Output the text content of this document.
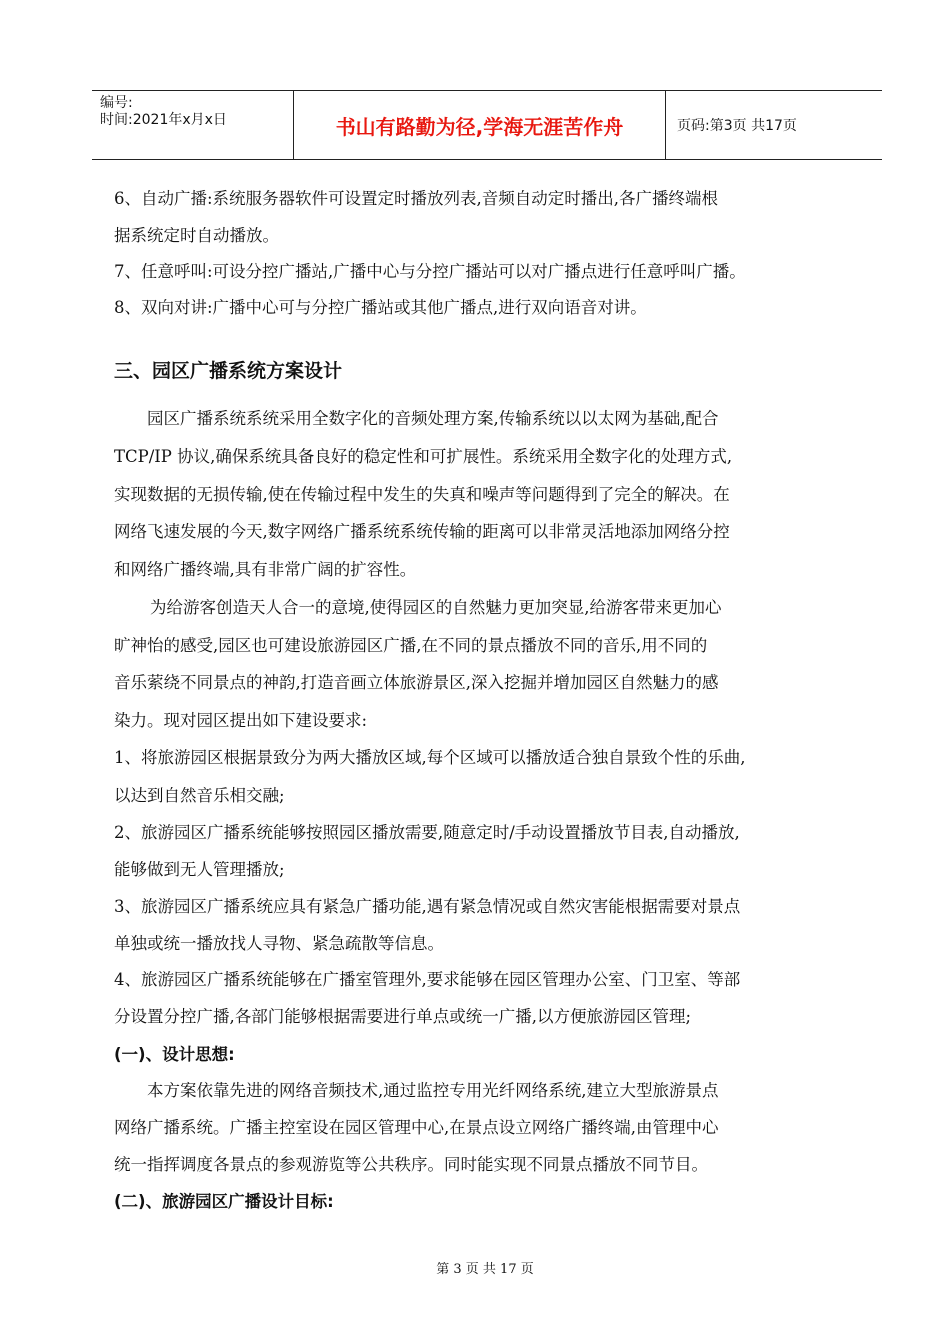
编号:
时间:2021年x月x日	书山有路勤为径,学海无涯苦作舟	页码:第3页 共17页
6、自动广播:系统服务器软件可设置定时播放列表,音频自动定时播出,各广播终端根
据系统定时自动播放。
7、任意呼叫:可设分控广播站,广播中心与分控广播站可以对广播点进行任意呼叫广播。
8、双向对讲:广播中心可与分控广播站或其他广播点,进行双向语音对讲。
三、园区广播系统方案设计
园区广播系统系统采用全数字化的音频处理方案,传输系统以以太网为基础,配合
TCP/IP 协议,确保系统具备良好的稳定性和可扩展性。系统采用全数字化的处理方式,
实现数据的无损传输,使在传输过程中发生的失真和噪声等问题得到了完全的解决。在
网络飞速发展的今天,数字网络广播系统系统传输的距离可以非常灵活地添加网络分控
和网络广播终端,具有非常广阔的扩容性。
为给游客创造天人合一的意境,使得园区的自然魅力更加突显,给游客带来更加心
旷神怡的感受,园区也可建设旅游园区广播,在不同的景点播放不同的音乐,用不同的
音乐萦绕不同景点的神韵,打造音画立体旅游景区,深入挖掘并增加园区自然魅力的感
染力。现对园区提出如下建设要求:
1、将旅游园区根据景致分为两大播放区域,每个区域可以播放适合独自景致个性的乐曲,
以达到自然音乐相交融;
2、旅游园区广播系统能够按照园区播放需要,随意定时/手动设置播放节目表,自动播放,
能够做到无人管理播放;
3、旅游园区广播系统应具有紧急广播功能,遇有紧急情况或自然灾害能根据需要对景点
单独或统一播放找人寻物、紧急疏散等信息。
4、旅游园区广播系统能够在广播室管理外,要求能够在园区管理办公室、门卫室、等部
分设置分控广播,各部门能够根据需要进行单点或统一广播,以方便旅游园区管理;
(一)、设计思想:
本方案依靠先进的网络音频技术,通过监控专用光纤网络系统,建立大型旅游景点
网络广播系统。广播主控室设在园区管理中心,在景点设立网络广播终端,由管理中心
统一指挥调度各景点的参观游览等公共秩序。同时能实现不同景点播放不同节目。
(二)、旅游园区广播设计目标:
第 3 页 共 17 页
